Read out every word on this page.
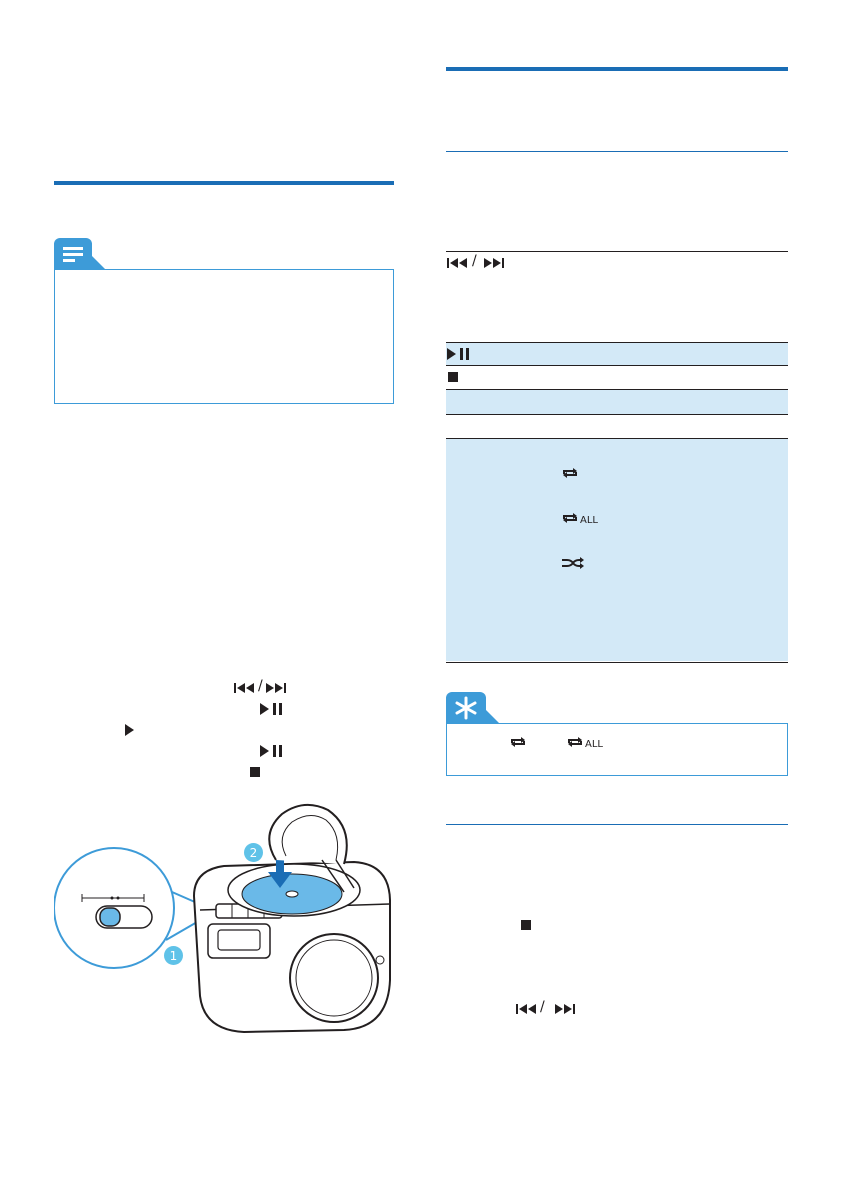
/
1
2
/
ALL
ALL
/
